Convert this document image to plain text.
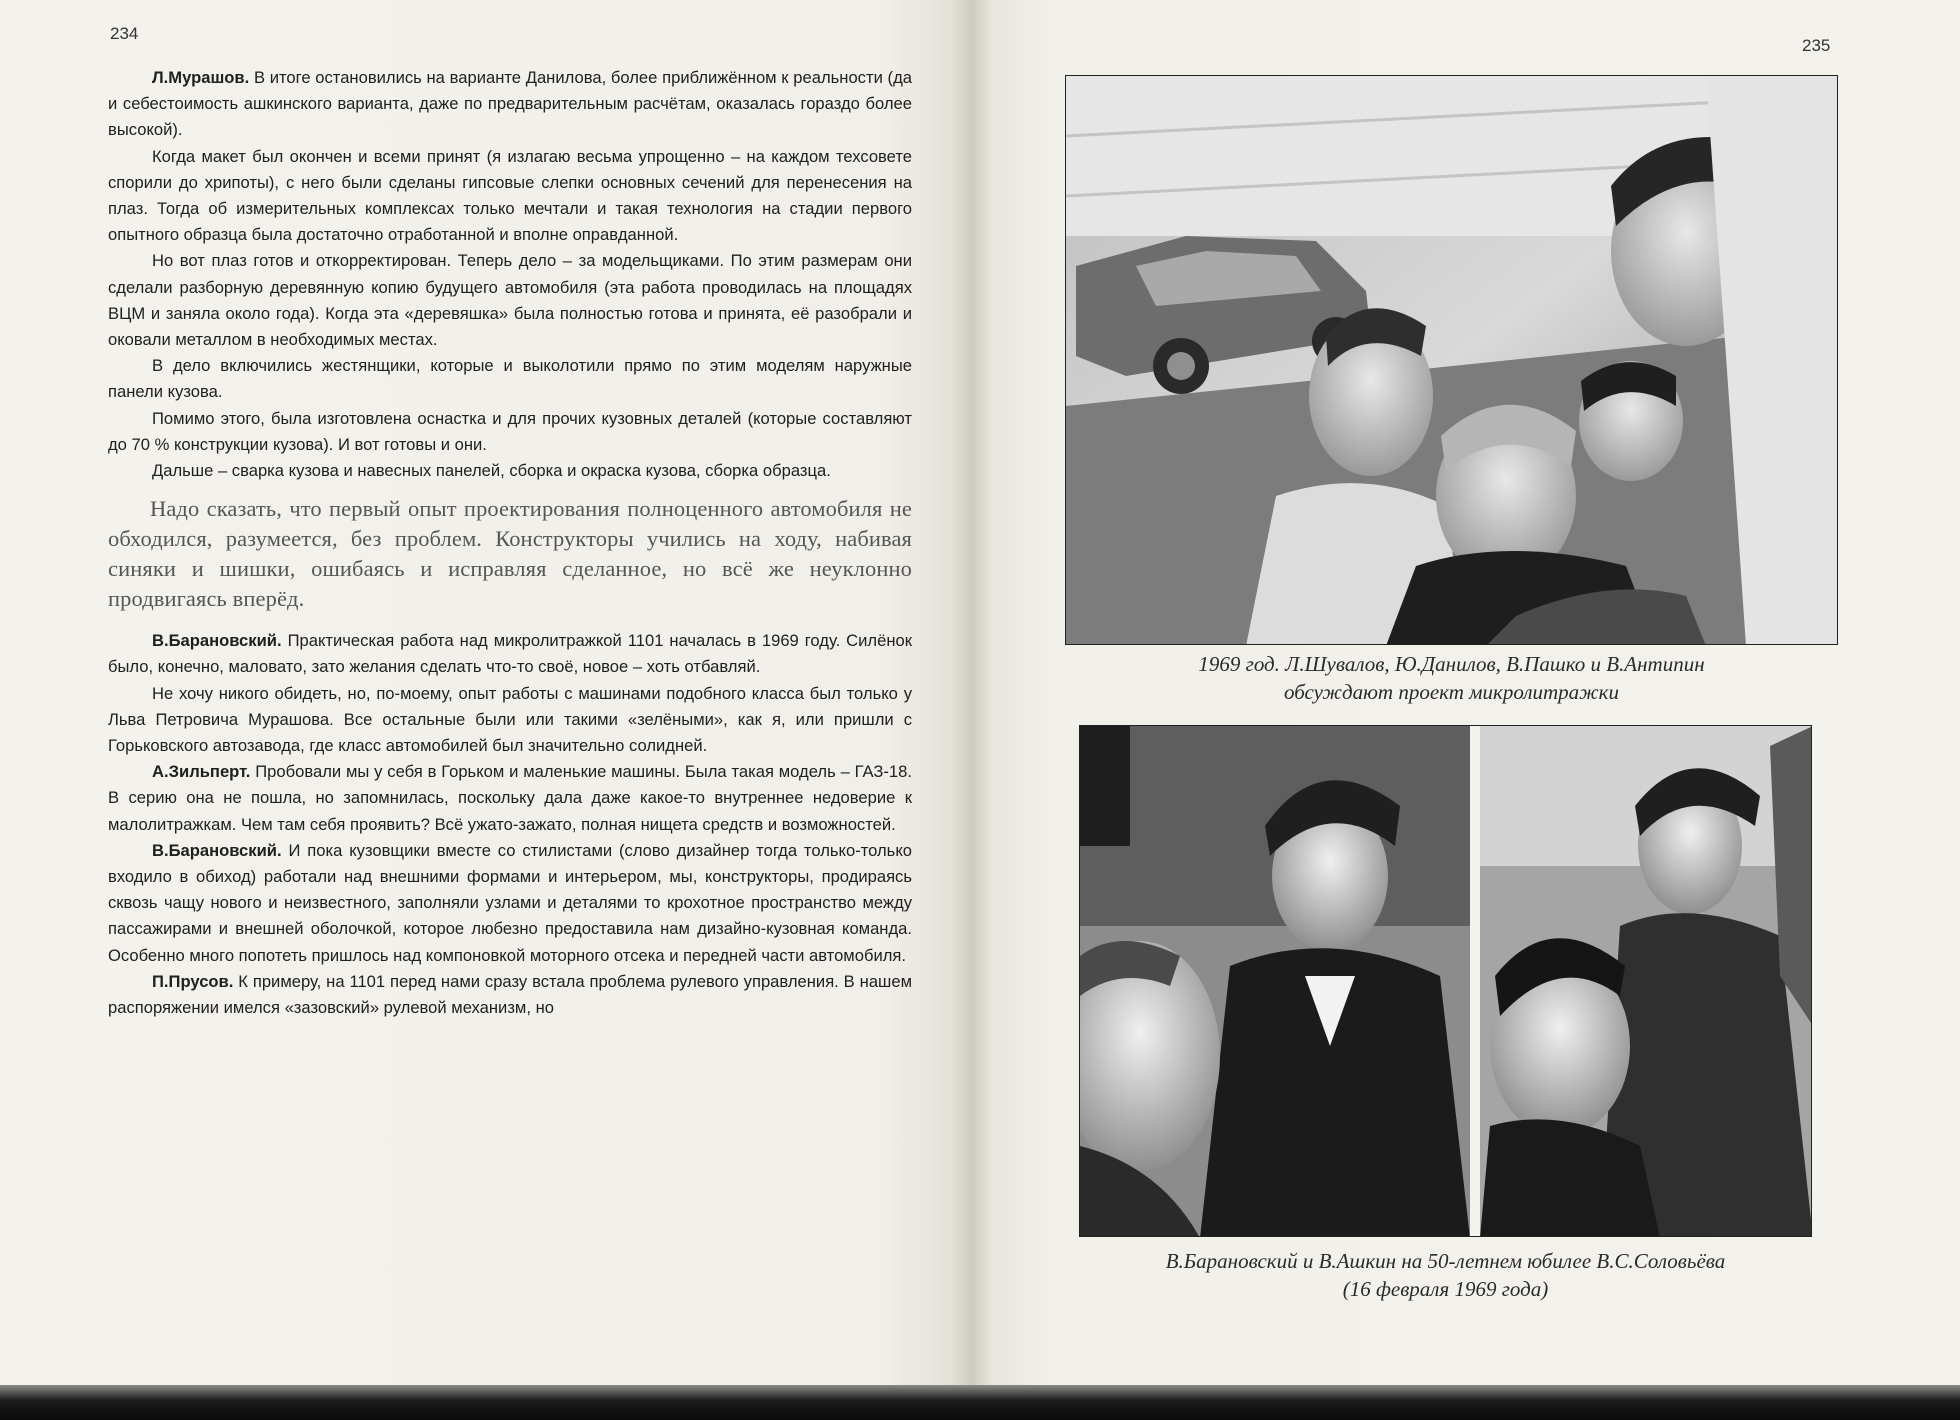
234

Л.Мурашов. В итоге остановились на варианте Данилова, более приближённом к реальности (да и себестоимость ашкинского варианта, даже по предварительным расчётам, оказалась гораздо более высокой).

Когда макет был окончен и всеми принят (я излагаю весьма упрощенно – на каждом техсовете спорили до хрипоты), с него были сделаны гипсовые слепки основных сечений для перенесения на плаз. Тогда об измерительных комплексах только мечтали и такая технология на стадии первого опытного образца была достаточно отработанной и вполне оправданной.

Но вот плаз готов и откорректирован. Теперь дело – за модельщиками. По этим размерам они сделали разборную деревянную копию будущего автомобиля (эта работа проводилась на площадях ВЦМ и заняла около года). Когда эта «деревяшка» была полностью готова и принята, её разобрали и оковали металлом в необходимых местах.

В дело включились жестянщики, которые и выколотили прямо по этим моделям наружные панели кузова.

Помимо этого, была изготовлена оснастка и для прочих кузовных деталей (которые составляют до 70 % конструкции кузова). И вот готовы и они.

Дальше – сварка кузова и навесных панелей, сборка и окраска кузова, сборка образца.

Надо сказать, что первый опыт проектирования полноценного автомобиля не обходился, разумеется, без проблем. Конструкторы учились на ходу, набивая синяки и шишки, ошибаясь и исправляя сделанное, но всё же неуклонно продвигаясь вперёд.

В.Барановский. Практическая работа над микролитражкой 1101 началась в 1969 году. Силёнок было, конечно, маловато, зато желания сделать что-то своё, новое – хоть отбавляй.

Не хочу никого обидеть, но, по-моему, опыт работы с машинами подобного класса был только у Льва Петровича Мурашова. Все остальные были или такими «зелёными», как я, или пришли с Горьковского автозавода, где класс автомобилей был значительно солидней.

А.Зильперт. Пробовали мы у себя в Горьком и маленькие машины. Была такая модель – ГАЗ-18. В серию она не пошла, но запомнилась, поскольку дала даже какое-то внутреннее недоверие к малолитражкам. Чем там себя проявить? Всё ужато-зажато, полная нищета средств и возможностей.

В.Барановский. И пока кузовщики вместе со стилистами (слово дизайнер тогда только-только входило в обиход) работали над внешними формами и интерьером, мы, конструкторы, продираясь сквозь чащу нового и неизвестного, заполняли узлами и деталями то крохотное пространство между пассажирами и внешней оболочкой, которое любезно предоставила нам дизайно-кузовная команда. Особенно много попотеть пришлось над компоновкой моторного отсека и передней части автомобиля.

П.Прусов. К примеру, на 1101 перед нами сразу встала проблема рулевого управления. В нашем распоряжении имелся «зазовский» рулевой механизм, но

235
1969 год. Л.Шувалов, Ю.Данилов, В.Пашко и В.Антипин
обсуждают проект микролитражки
В.Барановский и В.Ашкин на 50-летнем юбилее В.С.Соловьёва
(16 февраля 1969 года)
